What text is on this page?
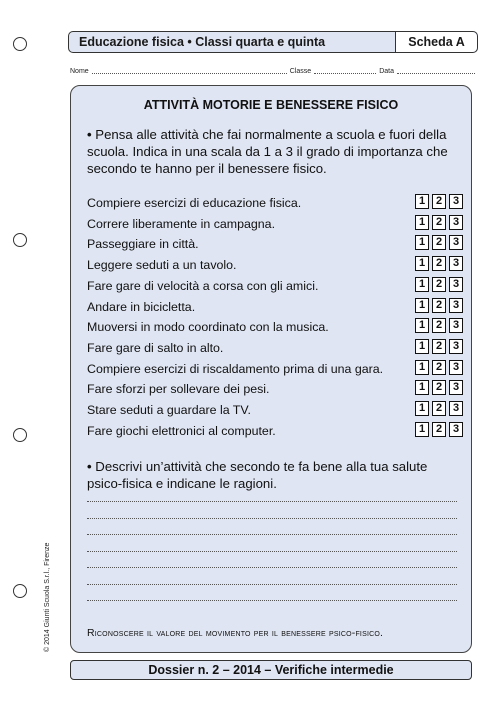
Educazione fisica • Classi quarta e quinta	Scheda A
Nome	Classe	Data
ATTIVITÀ MOTORIE E BENESSERE FISICO
• Pensa alle attività che fai normalmente a scuola e fuori della scuola. Indica in una scala da 1 a 3 il grado di importanza che secondo te hanno per il benessere fisico.
Compiere esercizi di educazione fisica.	1 2 3
Correre liberamente in campagna.	1 2 3
Passeggiare in città.	1 2 3
Leggere seduti a un tavolo.	1 2 3
Fare gare di velocità a corsa con gli amici.	1 2 3
Andare in bicicletta.	1 2 3
Muoversi in modo coordinato con la musica.	1 2 3
Fare gare di salto in alto.	1 2 3
Compiere esercizi di riscaldamento prima di una gara.	1 2 3
Fare sforzi per sollevare dei pesi.	1 2 3
Stare seduti a guardare la TV.	1 2 3
Fare giochi elettronici al computer.	1 2 3
• Descrivi un’attività che secondo te fa bene alla tua salute psico-fisica e indicane le ragioni.
Riconoscere il valore del movimento per il benessere psico-fisico.
© 2014 Giunti Scuola S.r.l., Firenze
Dossier n. 2 – 2014 – Verifiche intermedie
